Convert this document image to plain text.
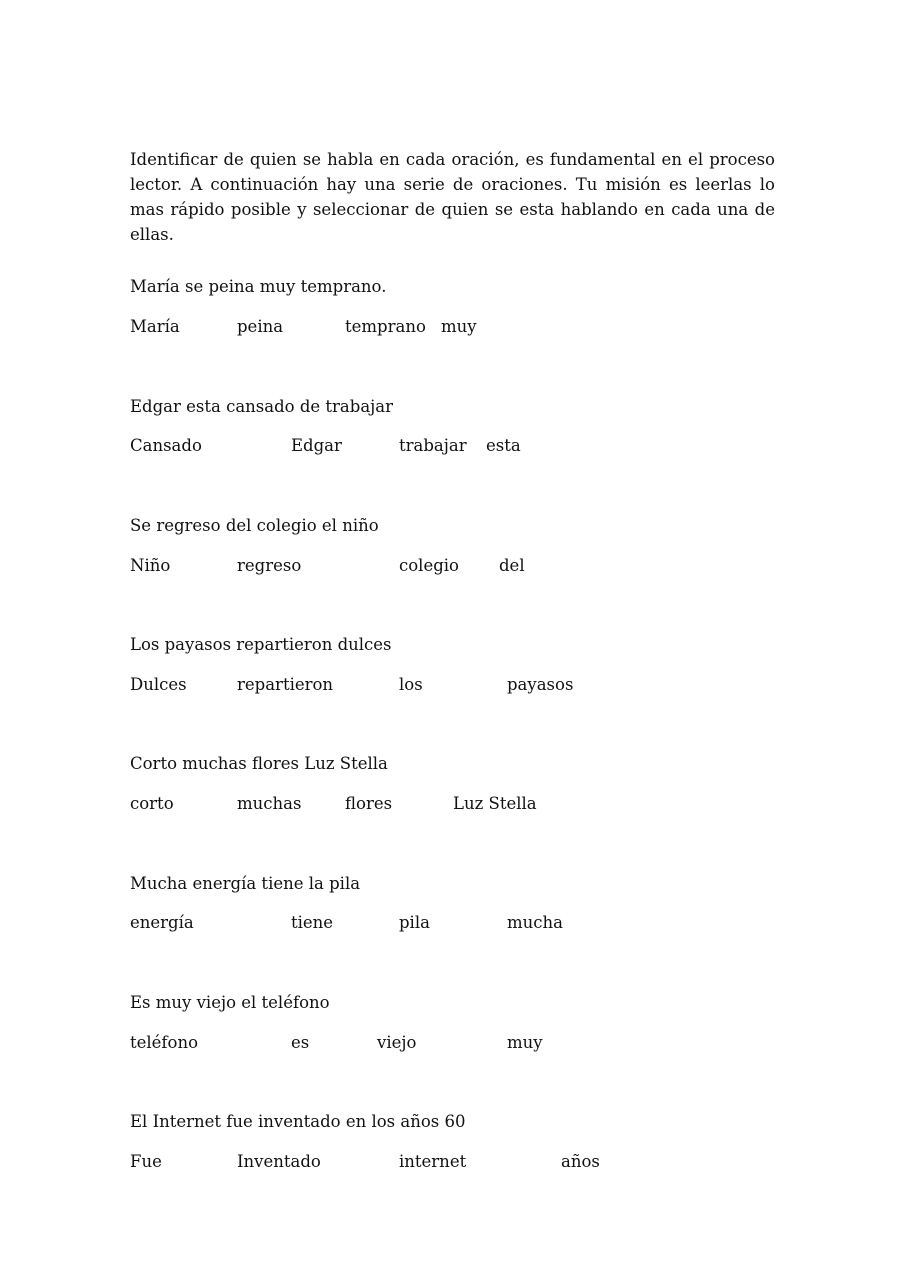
Identificar de quien se habla en cada oración, es fundamental en el proceso lector. A continuación hay una serie de oraciones. Tu misión es leerlas lo mas rápido posible y seleccionar de quien se esta hablando en cada una de ellas.

María se peina muy temprano.

María	peina	temprano muy

Edgar esta cansado de trabajar

Cansado	Edgar	trabajar esta

Se regreso del colegio el niño

Niño	regreso	colegio del

Los payasos repartieron dulces

Dulces	repartieron	los	payasos

Corto muchas flores Luz Stella

corto	muchas	flores	Luz Stella

Mucha energía tiene la pila

energía	tiene	pila	mucha

Es muy viejo el teléfono

teléfono	es	viejo	muy

El Internet fue inventado en los años 60

Fue	Inventado	internet	años
